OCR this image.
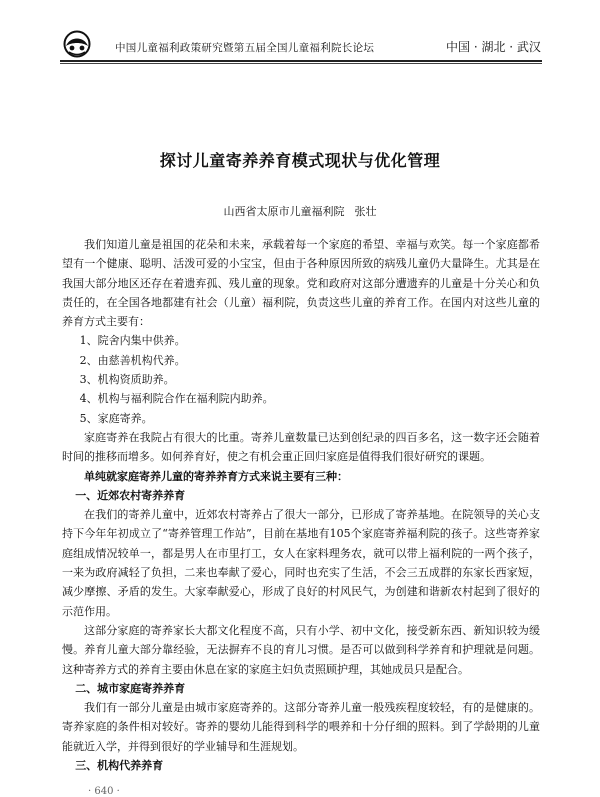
中国儿童福利政策研究暨第五届全国儿童福利院长论坛	中国 · 湖北 · 武汉
探讨儿童寄养养育模式现状与优化管理
山西省太原市儿童福利院 张壮

我们知道儿童是祖国的花朵和未来，承载着每一个家庭的希望、幸福与欢笑。每一个家庭都希望有一个健康、聪明、活泼可爱的小宝宝，但由于各种原因所致的病残儿童仍大量降生。尤其是在我国大部分地区还存在着遗弃孤、残儿童的现象。党和政府对这部分遭遗弃的儿童是十分关心和负责任的，在全国各地都建有社会（儿童）福利院，负责这些儿童的养育工作。在国内对这些儿童的养育方式主要有：

1、院舍内集中供养。

2、由慈善机构代养。

3、机构资质助养。

4、机构与福利院合作在福利院内助养。

5、家庭寄养。

家庭寄养在我院占有很大的比重。寄养儿童数量已达到创纪录的四百多名，这一数字还会随着时间的推移而增多。如何养育好，使之有机会重正回归家庭是值得我们很好研究的课题。

单纯就家庭寄养儿童的寄养养育方式来说主要有三种：

一、近郊农村寄养养育

在我们的寄养儿童中，近郊农村寄养占了很大一部分，已形成了寄养基地。在院领导的关心支持下今年年初成立了“寄养管理工作站”，目前在基地有105个家庭寄养福利院的孩子。这些寄养家庭组成情况较单一，都是男人在市里打工，女人在家料理务农，就可以带上福利院的一两个孩子，一来为政府减轻了负担，二来也奉献了爱心，同时也充实了生活，不会三五成群的东家长西家短，减少摩擦、矛盾的发生。大家奉献爱心，形成了良好的村风民气，为创建和谐新农村起到了很好的示范作用。

这部分家庭的寄养家长大都文化程度不高，只有小学、初中文化，接受新东西、新知识较为缓慢。养育儿童大部分靠经验，无法摒弃不良的育儿习惯。是否可以做到科学养育和护理就是问题。这种寄养方式的养育主要由休息在家的家庭主妇负责照顾护理，其她成员只是配合。

二、城市家庭寄养养育

我们有一部分儿童是由城市家庭寄养的。这部分寄养儿童一般残疾程度较轻，有的是健康的。寄养家庭的条件相对较好。寄养的婴幼儿能得到科学的喂养和十分仔细的照料。到了学龄期的儿童能就近入学，并得到很好的学业辅导和生涯规划。

三、机构代养养育

· 640 ·
